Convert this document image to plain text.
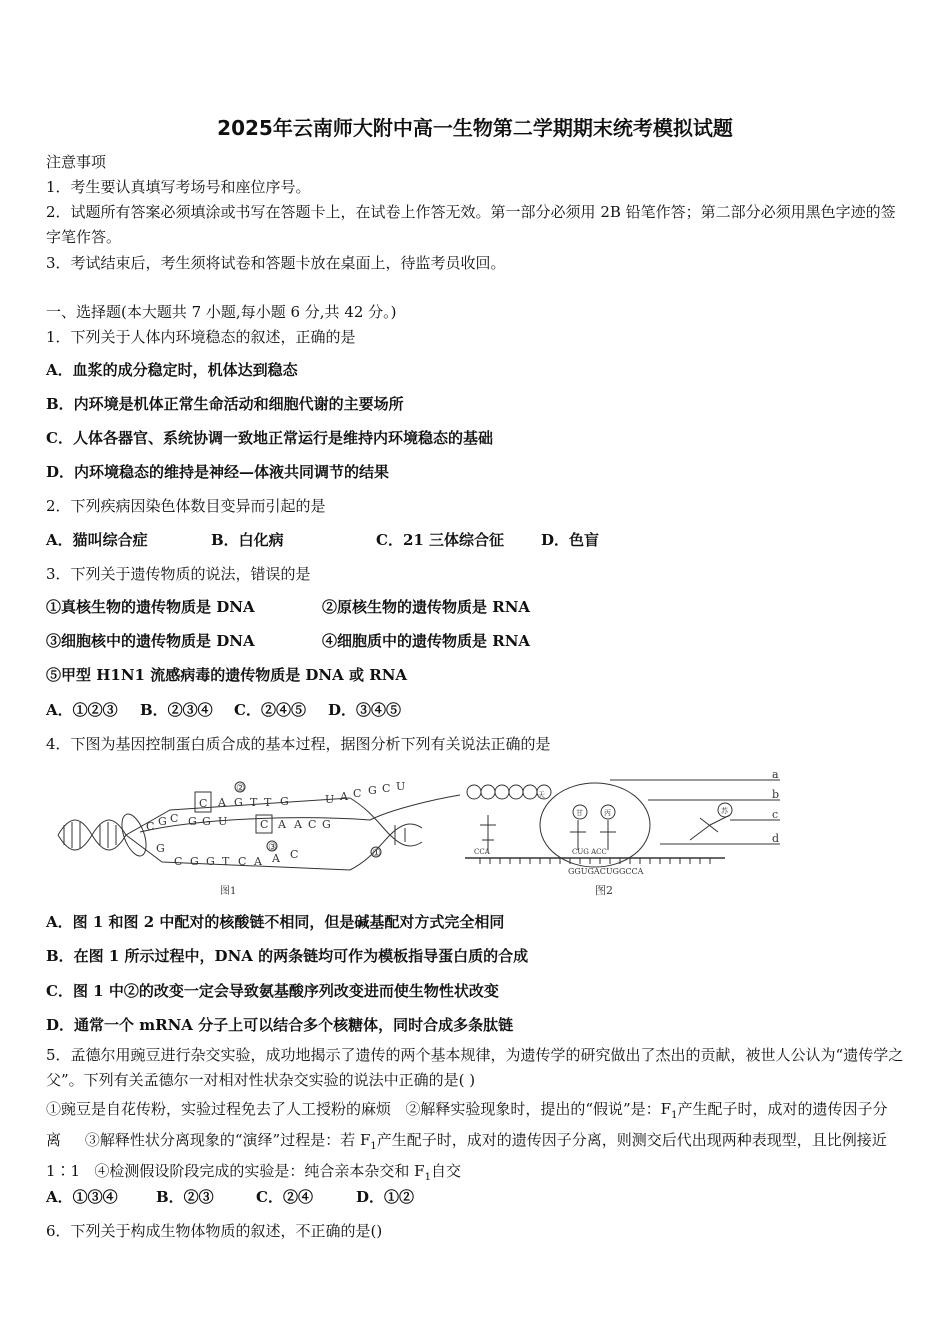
2025年云南师大附中高一生物第二学期期末统考模拟试题
注意事项
1．考生要认真填写考场号和座位序号。
2．试题所有答案必须填涂或书写在答题卡上，在试卷上作答无效。第一部分必须用 2B 铅笔作答；第二部分必须用黑色字迹的签字笔作答。
3．考试结束后，考生须将试卷和答题卡放在桌面上，待监考员收回。
一、选择题(本大题共 7 小题,每小题 6 分,共 42 分。)
1．下列关于人体内环境稳态的叙述，正确的是
A．血浆的成分稳定时，机体达到稳态
B．内环境是机体正常生命活动和细胞代谢的主要场所
C．人体各器官、系统协调一致地正常运行是维持内环境稳态的基础
D．内环境稳态的维持是神经—体液共同调节的结果
2．下列疾病因染色体数目变异而引起的是
A．猫叫综合症	B．白化病	C．21 三体综合征 D．色盲
3．下列关于遗传物质的说法，错误的是
①真核生物的遗传物质是 DNA	②原核生物的遗传物质是 RNA
③细胞核中的遗传物质是 DNA	④细胞质中的遗传物质是 RNA
⑤甲型 H1N1 流感病毒的遗传物质是 DNA 或 RNA
A．①②③ B．②③④ C．②④⑤ D．③④⑤
4．下图为基因控制蛋白质合成的基本过程，据图分析下列有关说法正确的是
②
③
①
图1
C A G T T G	U A C G C U
C G C G G U	C A A C G
G
C G G T C A A C
甘	丙	苏
天
CCA	CUG ACC
GGUGACUGGCCA
a
b
c
d
图2
A．图 1 和图 2 中配对的核酸链不相同，但是碱基配对方式完全相同
B．在图 1 所示过程中，DNA 的两条链均可作为模板指导蛋白质的合成
C．图 1 中②的改变一定会导致氨基酸序列改变进而使生物性状改变
D．通常一个 mRNA 分子上可以结合多个核糖体，同时合成多条肽链
5．孟德尔用豌豆进行杂交实验，成功地揭示了遗传的两个基本规律，为遗传学的研究做出了杰出的贡献，被世人公认为“遗传学之父”。下列有关孟德尔一对相对性状杂交实验的说法中正确的是( )
①豌豆是自花传粉，实验过程免去了人工授粉的麻烦 ②解释实验现象时，提出的“假说”是：$F_1$产生配子时，成对的遗传因子分离 ③解释性状分离现象的“演绎”过程是：若 $F_1$产生配子时，成对的遗传因子分离，则测交后代出现两种表现型，且比例接近 1∶1 ④检测假设阶段完成的实验是：纯合亲本杂交和 $F_1$自交
A．①③④	B．②③	C．②④	D．①②
6．下列关于构成生物体物质的叙述，不正确的是()
